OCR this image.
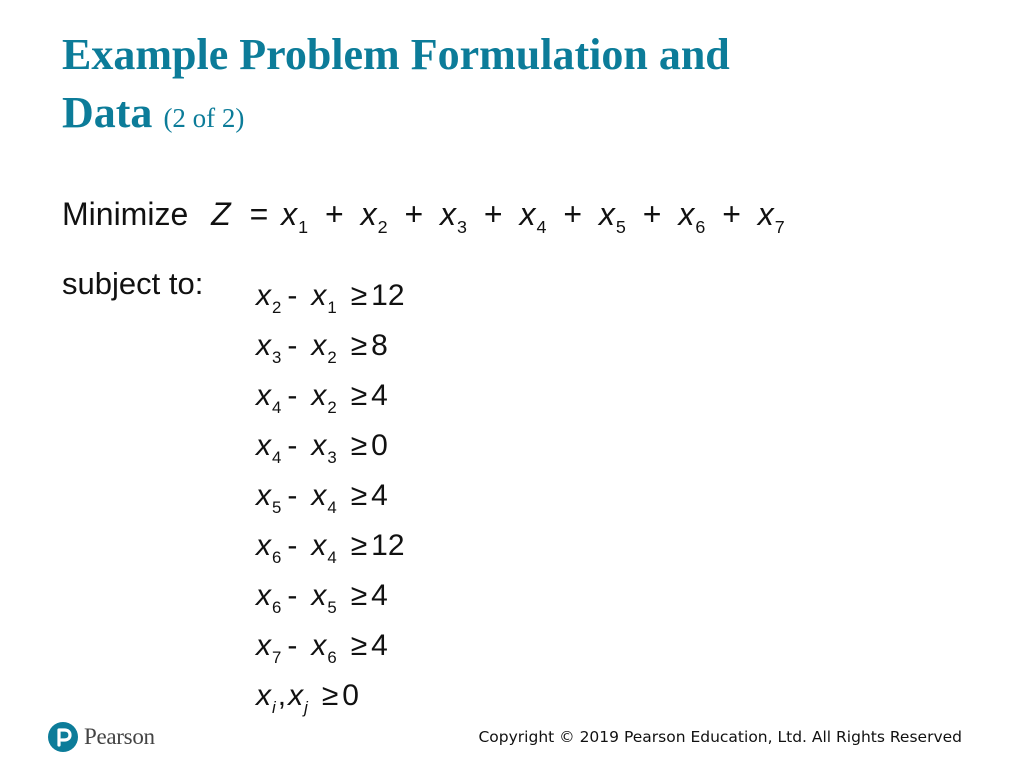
Example Problem Formulation and
Data (2 of 2)
Minimize $Z = x_1 + x_2 + x_3 + x_4 + x_5 + x_6 + x_7$
subject to: $x_2 - x_1 \ge 12$
$x_3 - x_2 \ge 8$
$x_4 - x_2 \ge 4$
$x_4 - x_3 \ge 0$
$x_5 - x_4 \ge 4$
$x_6 - x_4 \ge 12$
$x_6 - x_5 \ge 4$
$x_7 - x_6 \ge 4$
$x_i,x_j \ge 0$
Pearson	Copyright © 2019 Pearson Education, Ltd. All Rights Reserved
